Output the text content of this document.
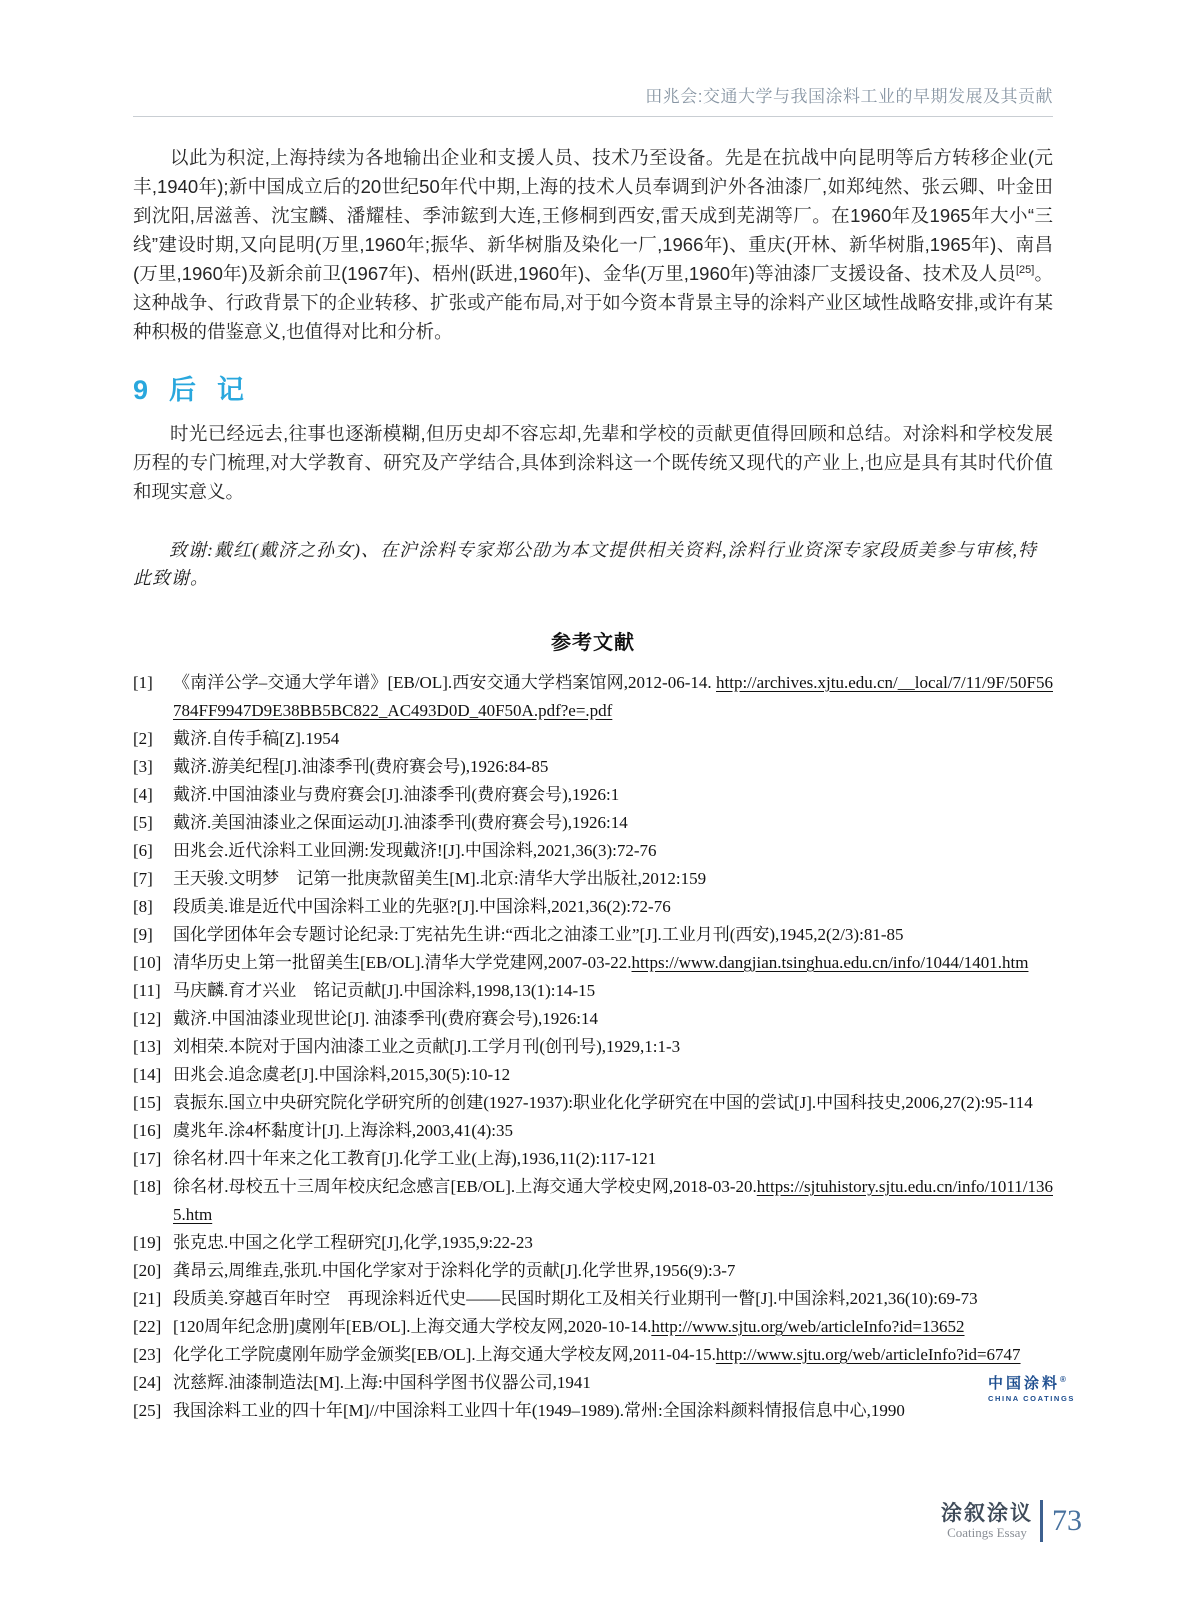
田兆会:交通大学与我国涂料工业的早期发展及其贡献

以此为积淀,上海持续为各地输出企业和支援人员、技术乃至设备。先是在抗战中向昆明等后方转移企业(元丰,1940年);新中国成立后的20世纪50年代中期,上海的技术人员奉调到沪外各油漆厂,如郑纯然、张云卿、叶金田到沈阳,居滋善、沈宝麟、潘耀桂、季沛鋐到大连,王修桐到西安,雷天成到芜湖等厂。在1960年及1965年大小“三线”建设时期,又向昆明(万里,1960年;振华、新华树脂及染化一厂,1966年)、重庆(开林、新华树脂,1965年)、南昌(万里,1960年)及新余前卫(1967年)、梧州(跃进,1960年)、金华(万里,1960年)等油漆厂支援设备、技术及人员[25]。这种战争、行政背景下的企业转移、扩张或产能布局,对于如今资本背景主导的涂料产业区域性战略安排,或许有某种积极的借鉴意义,也值得对比和分析。

9  后  记

时光已经远去,往事也逐渐模糊,但历史却不容忘却,先辈和学校的贡献更值得回顾和总结。对涂料和学校发展历程的专门梳理,对大学教育、研究及产学结合,具体到涂料这一个既传统又现代的产业上,也应是具有其时代价值和现实意义。

致谢:戴红(戴济之孙女)、在沪涂料专家郑公劭为本文提供相关资料,涂料行业资深专家段质美参与审核,特此致谢。

参考文献
[1] 《南洋公学–交通大学年谱》[EB/OL].西安交通大学档案馆网,2012-06-14. http://archives.xjtu.edu.cn/__local/7/11/9F/50F56784FF9947D9E38BB5BC822_AC493D0D_40F50A.pdf?e=.pdf
[2] 戴济.自传手稿[Z].1954
[3] 戴济.游美纪程[J].油漆季刊(费府赛会号),1926:84-85
[4] 戴济.中国油漆业与费府赛会[J].油漆季刊(费府赛会号),1926:1
[5] 戴济.美国油漆业之保面运动[J].油漆季刊(费府赛会号),1926:14
[6] 田兆会.近代涂料工业回溯:发现戴济![J].中国涂料,2021,36(3):72-76
[7] 王天骏.文明梦　记第一批庚款留美生[M].北京:清华大学出版社,2012:159
[8] 段质美.谁是近代中国涂料工业的先驱?[J].中国涂料,2021,36(2):72-76
[9] 国化学团体年会专题讨论纪录:丁宪祜先生讲:“西北之油漆工业”[J].工业月刊(西安),1945,2(2/3):81-85
[10] 清华历史上第一批留美生[EB/OL].清华大学党建网,2007-03-22.https://www.dangjian.tsinghua.edu.cn/info/1044/1401.htm
[11] 马庆麟.育才兴业　铭记贡献[J].中国涂料,1998,13(1):14-15
[12] 戴济.中国油漆业现世论[J]. 油漆季刊(费府赛会号),1926:14
[13] 刘相荣.本院对于国内油漆工业之贡献[J].工学月刊(创刊号),1929,1:1-3
[14] 田兆会.追念虞老[J].中国涂料,2015,30(5):10-12
[15] 袁振东.国立中央研究院化学研究所的创建(1927-1937):职业化化学研究在中国的尝试[J].中国科技史,2006,27(2):95-114
[16] 虞兆年.涂4杯黏度计[J].上海涂料,2003,41(4):35
[17] 徐名材.四十年来之化工教育[J].化学工业(上海),1936,11(2):117-121
[18] 徐名材.母校五十三周年校庆纪念感言[EB/OL].上海交通大学校史网,2018-03-20.https://sjtuhistory.sjtu.edu.cn/info/1011/1365.htm
[19] 张克忠.中国之化学工程研究[J],化学,1935,9:22-23
[20] 龚昂云,周维垚,张玑.中国化学家对于涂料化学的贡献[J].化学世界,1956(9):3-7
[21] 段质美.穿越百年时空　再现涂料近代史——民国时期化工及相关行业期刊一瞥[J].中国涂料,2021,36(10):69-73
[22] [120周年纪念册]虞刚年[EB/OL].上海交通大学校友网,2020-10-14.http://www.sjtu.org/web/articleInfo?id=13652
[23] 化学化工学院虞刚年励学金颁奖[EB/OL].上海交通大学校友网,2011-04-15.http://www.sjtu.org/web/articleInfo?id=6747
[24] 沈慈辉.油漆制造法[M].上海:中国科学图书仪器公司,1941
[25] 我国涂料工业的四十年[M]//中国涂料工业四十年(1949–1989).常州:全国涂料颜料情报信息中心,1990
中国涂料®
CHINA COATINGS
涂叙涂议
Coatings Essay 73
